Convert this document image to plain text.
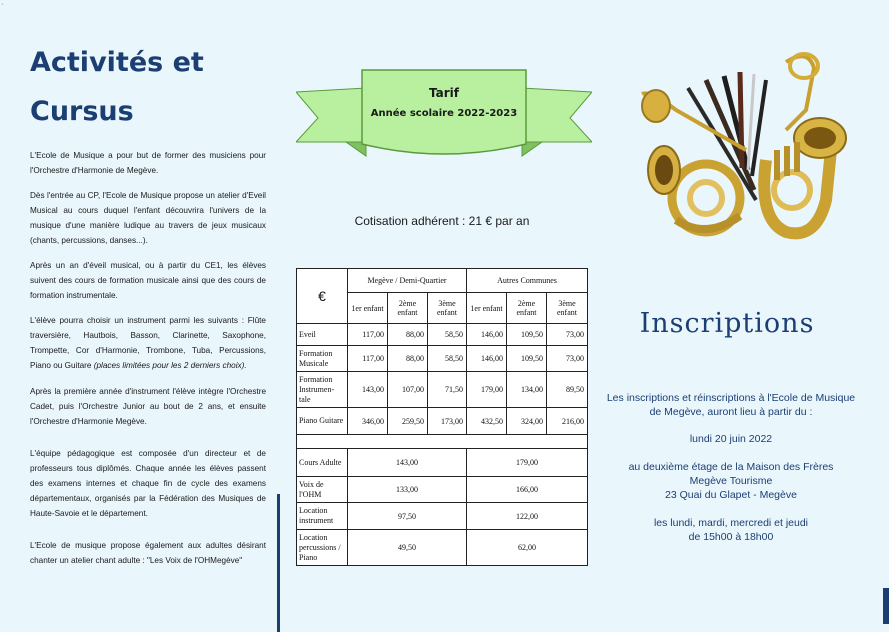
·
Activités et
Cursus
L'Ecole de Musique a pour but de former des musiciens pour l'Orchestre d'Harmonie de Megève.
Dès l'entrée au CP, l'Ecole de Musique propose un atelier d'Eveil Musical au cours duquel l'enfant découvrira l'univers de la musique d'une manière ludique au travers de jeux musicaux (chants, percussions, danses...).
Après un an d'éveil musical, ou à partir du CE1, les élèves suivent des cours de formation musicale ainsi que des cours de formation instrumentale.
L'élève pourra choisir un instrument parmi les suivants : Flûte traversière, Hautbois, Basson, Clarinette, Saxophone, Trompette, Cor d'Harmonie, Trombone, Tuba, Percussions, Piano ou Guitare (places limitées pour les 2 derniers choix).
Après la première année d'instrument l'élève intègre l'Orchestre Cadet, puis l'Orchestre Junior au bout de 2 ans, et ensuite l'Orchestre d'Harmonie Megève.
L'équipe pédagogique est composée d'un directeur et de professeurs tous diplômés. Chaque année les élèves passent des examens internes et chaque fin de cycle des examens départementaux, organisés par la Fédération des Musiques de Haute-Savoie et le département.
L'Ecole de musique propose également aux adultes désirant chanter un atelier chant adulte : "Les Voix de l'OHMegève"
Tarif
Année scolaire 2022-2023
Cotisation adhérent : 21 € par an
€	Megève / Demi-Quartier			Autres Communes		
	1er enfant	2ème enfant	3ème enfant	1er enfant	2ème enfant	3ème enfant
Eveil	117,00	88,00	58,50	146,00	109,50	73,00
Formation Musicale	117,00	88,00	58,50	146,00	109,50	73,00
Formation Instrumen-tale	143,00	107,00	71,50	179,00	134,00	89,50
Piano Guitare	346,00	259,50	173,00	432,50	324,00	216,00

Cours Adulte	143,00			179,00		
Voix de l'OHM	133,00			166,00		
Location instrument	97,50			122,00		
Location percussions / Piano	49,50			62,00		
Inscriptions
Les inscriptions et réinscriptions à l'Ecole de Musique de Megève, auront lieu à partir du :
lundi 20 juin 2022
au deuxième étage de la Maison des Frères
Megève Tourisme
23 Quai du Glapet - Megève
les lundi, mardi, mercredi et jeudi
de 15h00 à 18h00
